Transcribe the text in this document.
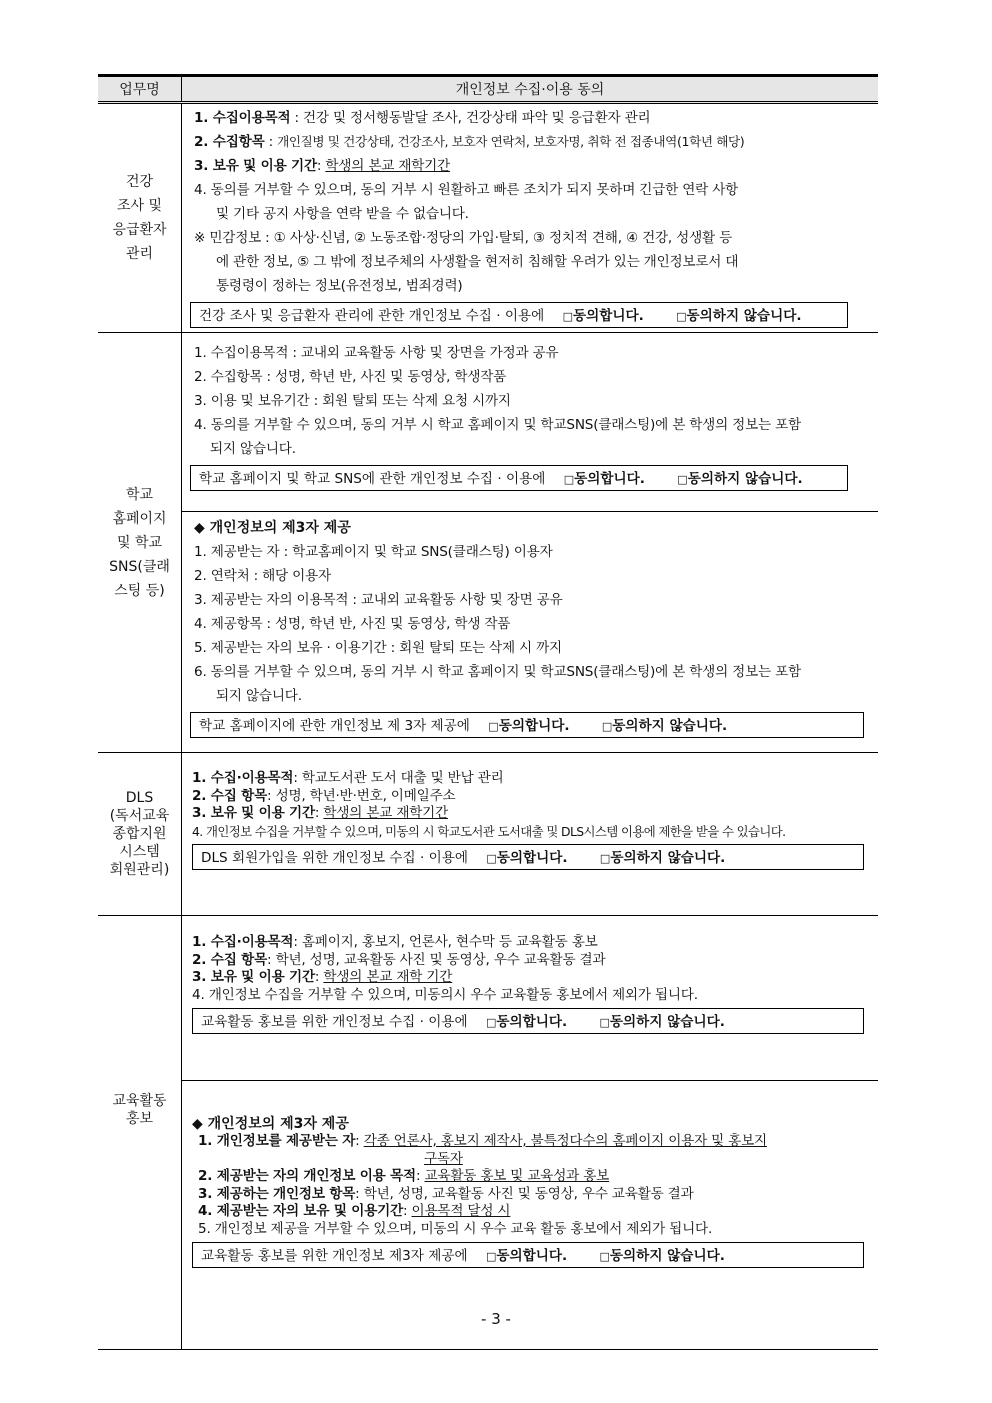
업무명	개인정보 수집·이용 동의

건강
조사 및
응급환자
관리

1. 수집이용목적 : 건강 및 정서행동발달 조사, 건강상태 파악 및 응급환자 관리
2. 수집항목 : 개인질병 및 건강상태, 건강조사, 보호자 연락처, 보호자명, 취학 전 접종내역(1학년 해당)
3. 보유 및 이용 기간: 학생의 본교 재학기간
4. 동의를 거부할 수 있으며, 동의 거부 시 원활하고 빠른 조치가 되지 못하며 긴급한 연락 사항
및 기타 공지 사항을 연락 받을 수 없습니다.
※ 민감정보 : ① 사상·신념, ② 노동조합·정당의 가입·탈퇴, ③ 정치적 견해, ④ 건강, 성생활 등
에 관한 정보, ⑤ 그 밖에 정보주체의 사생활을 현저히 침해할 우려가 있는 개인정보로서 대
통령령이 정하는 정보(유전정보, 범죄경력)
건강 조사 및 응급환자 관리에 관한 개인정보 수집 · 이용에 □동의합니다.	□동의하지 않습니다.

학교
홈페이지
및 학교
SNS(클래
스팅 등)

1. 수집이용목적 : 교내외 교육활동 사항 및 장면을 가정과 공유
2. 수집항목 : 성명, 학년 반, 사진 및 동영상, 학생작품
3. 이용 및 보유기간 : 회원 탈퇴 또는 삭제 요청 시까지
4. 동의를 거부할 수 있으며, 동의 거부 시 학교 홈페이지 및 학교SNS(클래스팅)에 본 학생의 정보는 포함
되지 않습니다.
학교 홈페이지 및 학교 SNS에 관한 개인정보 수집 · 이용에 □동의합니다.	□동의하지 않습니다.

◆ 개인정보의 제3자 제공
1. 제공받는 자 : 학교홈페이지 및 학교 SNS(클래스팅) 이용자
2. 연락처 : 해당 이용자
3. 제공받는 자의 이용목적 : 교내외 교육활동 사항 및 장면 공유
4. 제공항목 : 성명, 학년 반, 사진 및 동영상, 학생 작품
5. 제공받는 자의 보유 · 이용기간 : 회원 탈퇴 또는 삭제 시 까지
6. 동의를 거부할 수 있으며, 동의 거부 시 학교 홈페이지 및 학교SNS(클래스팅)에 본 학생의 정보는 포함
되지 않습니다.
학교 홈페이지에 관한 개인정보 제 3자 제공에 □동의합니다.	□동의하지 않습니다.

DLS
(독서교육
종합지원
시스템
회원관리)

1. 수집·이용목적: 학교도서관 도서 대출 및 반납 관리
2. 수집 항목: 성명, 학년·반·번호, 이메일주소
3. 보유 및 이용 기간: 학생의 본교 재학기간
4. 개인정보 수집을 거부할 수 있으며, 미동의 시 학교도서관 도서대출 및 DLS시스템 이용에 제한을 받을 수 있습니다.
DLS 회원가입을 위한 개인정보 수집 · 이용에 □동의합니다.	□동의하지 않습니다.

교육활동
홍보

1. 수집·이용목적: 홈페이지, 홍보지, 언론사, 현수막 등 교육활동 홍보
2. 수집 항목: 학년, 성명, 교육활동 사진 및 동영상, 우수 교육활동 결과
3. 보유 및 이용 기간: 학생의 본교 재학 기간
4. 개인정보 수집을 거부할 수 있으며, 미동의시 우수 교육활동 홍보에서 제외가 됩니다.
교육활동 홍보를 위한 개인정보 수집 · 이용에 □동의합니다.	□동의하지 않습니다.

◆ 개인정보의 제3자 제공
1. 개인정보를 제공받는 자: 각종 언론사, 홍보지 제작사, 불특정다수의 홈페이지 이용자 및 홍보지
구독자
2. 제공받는 자의 개인정보 이용 목적: 교육활동 홍보 및 교육성과 홍보
3. 제공하는 개인정보 항목: 학년, 성명, 교육활동 사진 및 동영상, 우수 교육활동 결과
4. 제공받는 자의 보유 및 이용기간: 이용목적 달성 시
5. 개인정보 제공을 거부할 수 있으며, 미동의 시 우수 교육 활동 홍보에서 제외가 됩니다.
교육활동 홍보를 위한 개인정보 제3자 제공에 □동의합니다.	□동의하지 않습니다.
- 3 -
